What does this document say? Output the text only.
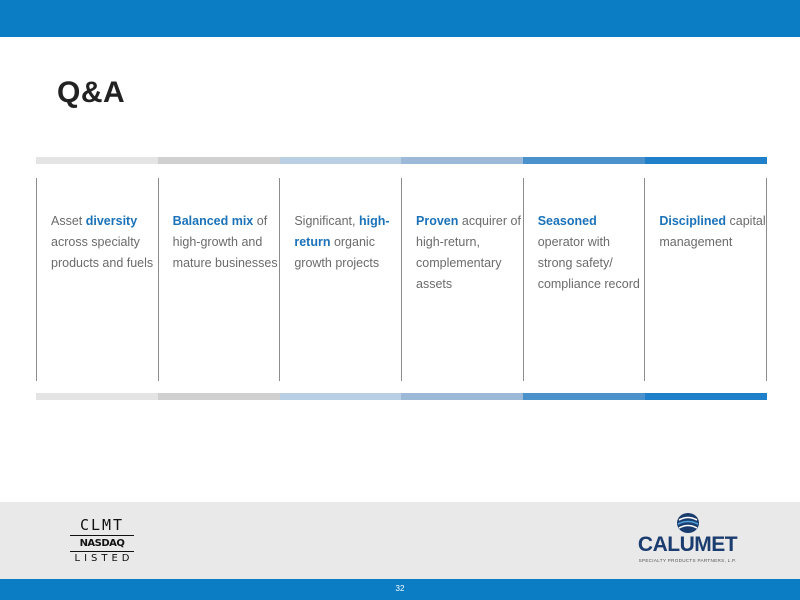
Q&A
Asset diversity across specialty products and fuels
Balanced mix of high-growth and mature businesses
Significant, high-return organic growth projects
Proven acquirer of high-return, complementary assets
Seasoned operator with strong safety/ compliance record
Disciplined capital management
CLMT
NASDAQ
LISTED
CALUMET
SPECIALTY PRODUCTS PARTNERS, L.P.
32
